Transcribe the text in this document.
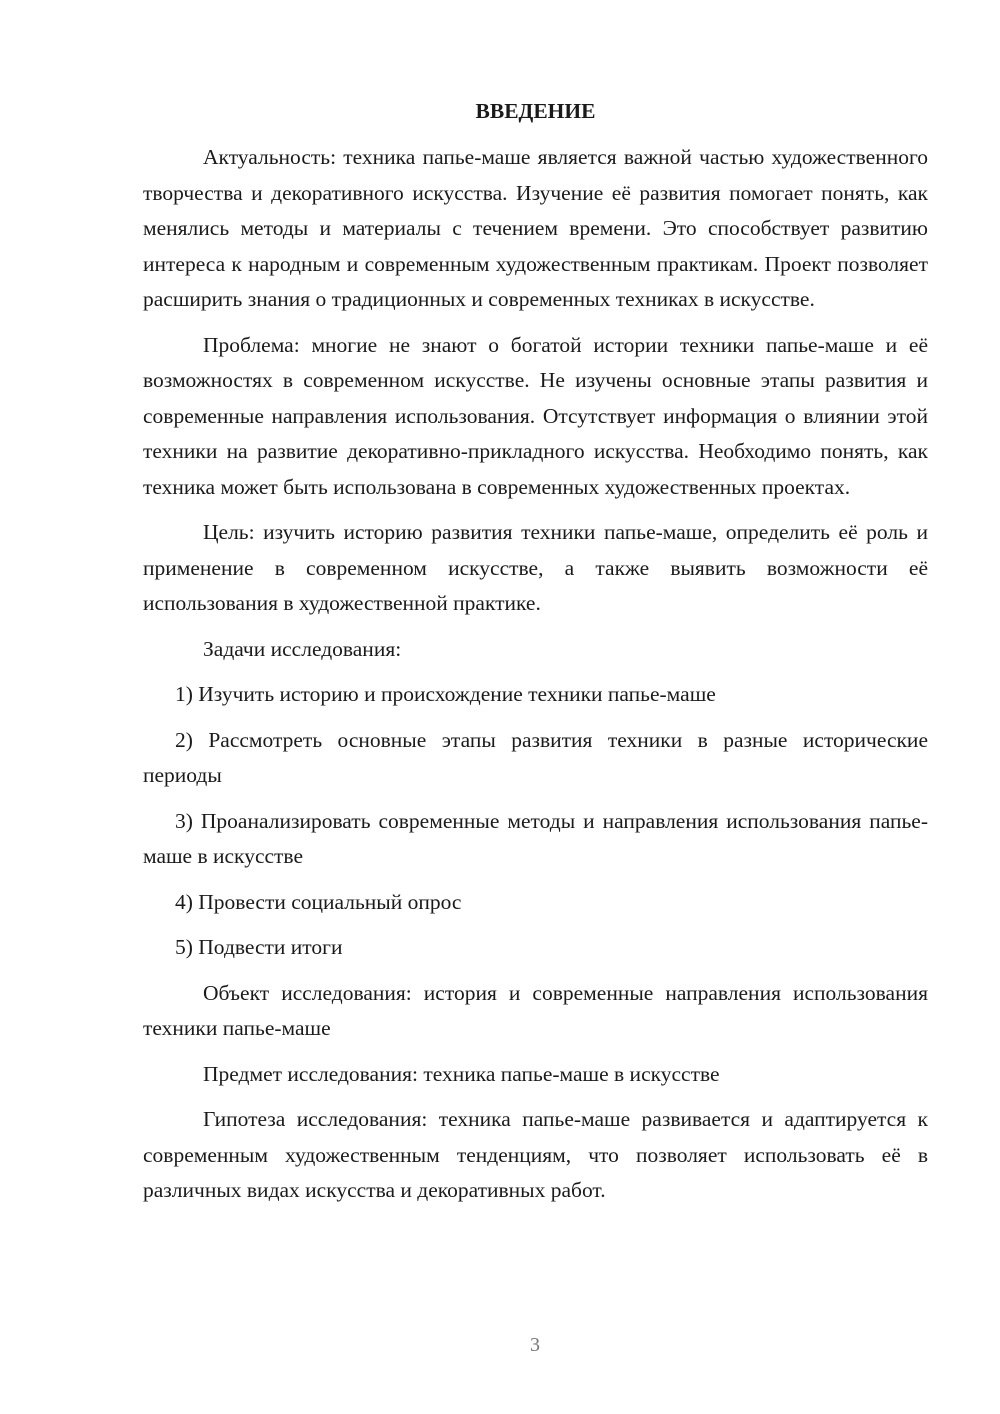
ВВЕДЕНИЕ

Актуальность: техника папье-маше является важной частью художественного творчества и декоративного искусства. Изучение её развития помогает понять, как менялись методы и материалы с течением времени. Это способствует развитию интереса к народным и современным художественным практикам. Проект позволяет расширить знания о традиционных и современных техниках в искусстве.

Проблема: многие не знают о богатой истории техники папье-маше и её возможностях в современном искусстве. Не изучены основные этапы развития и современные направления использования. Отсутствует информация о влиянии этой техники на развитие декоративно-прикладного искусства. Необходимо понять, как техника может быть использована в современных художественных проектах.

Цель: изучить историю развития техники папье-маше, определить её роль и применение в современном искусстве, а также выявить возможности её использования в художественной практике.

Задачи исследования:

1) Изучить историю и происхождение техники папье-маше

2) Рассмотреть основные этапы развития техники в разные исторические периоды

3) Проанализировать современные методы и направления использования папье-маше в искусстве

4) Провести социальный опрос

5) Подвести итоги

Объект исследования: история и современные направления использования техники папье-маше

Предмет исследования: техника папье-маше в искусстве

Гипотеза исследования: техника папье-маше развивается и адаптируется к современным художественным тенденциям, что позволяет использовать её в различных видах искусства и декоративных работ.

3
